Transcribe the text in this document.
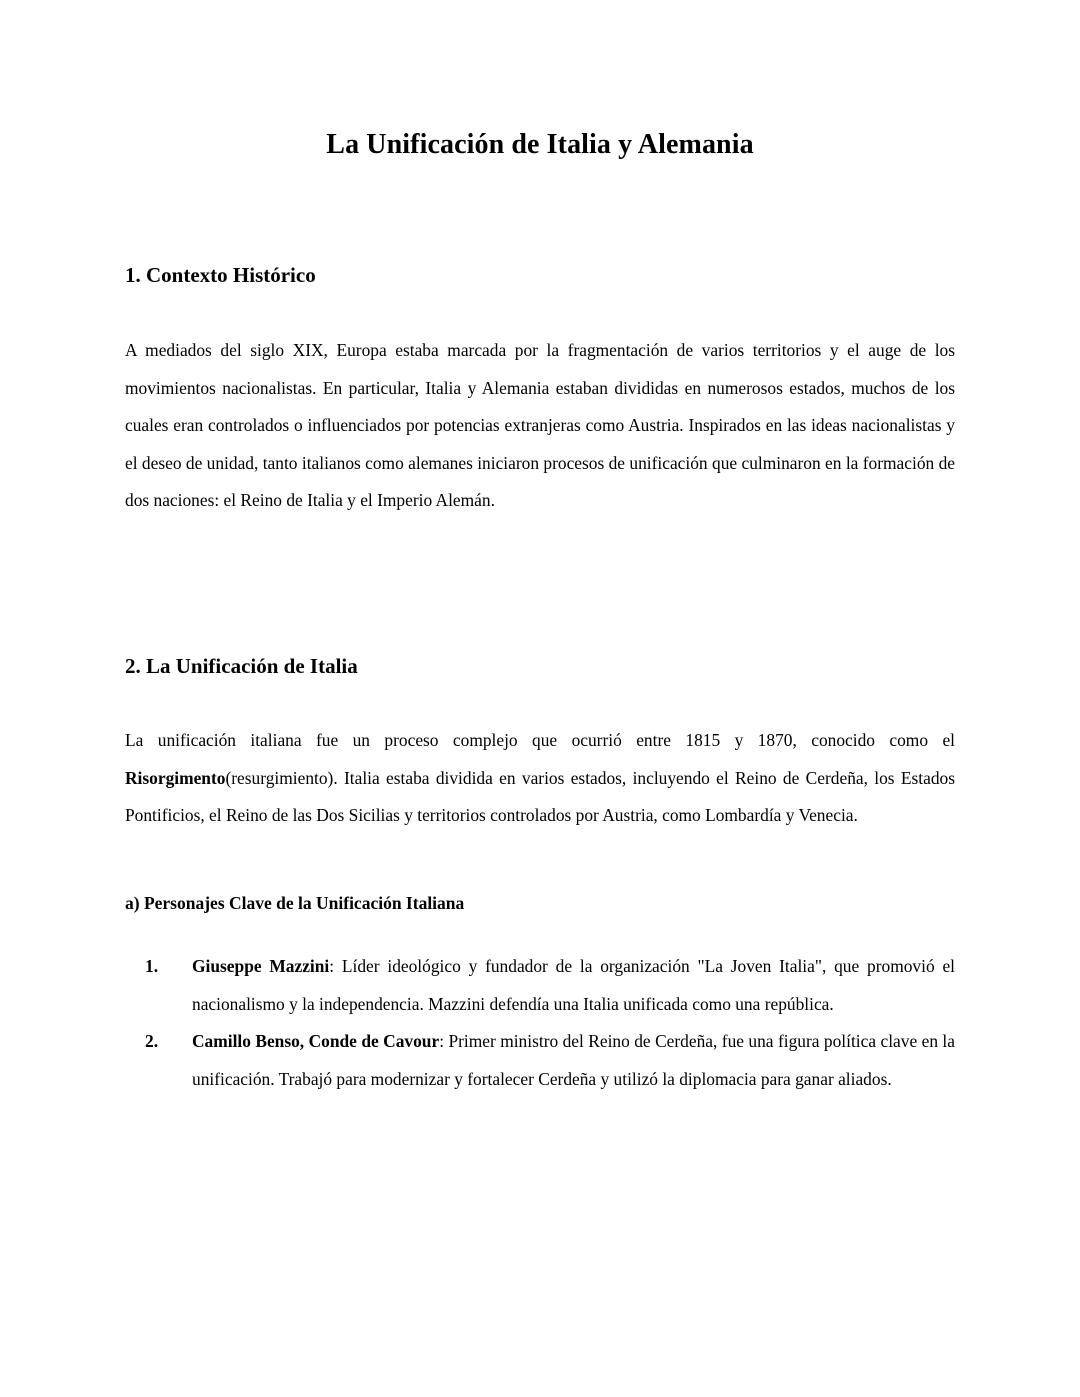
La Unificación de Italia y Alemania
1. Contexto Histórico

A mediados del siglo XIX, Europa estaba marcada por la fragmentación de varios territorios y el auge de los movimientos nacionalistas. En particular, Italia y Alemania estaban divididas en numerosos estados, muchos de los cuales eran controlados o influenciados por potencias extranjeras como Austria. Inspirados en las ideas nacionalistas y el deseo de unidad, tanto italianos como alemanes iniciaron procesos de unificación que culminaron en la formación de dos naciones: el Reino de Italia y el Imperio Alemán.

2. La Unificación de Italia

La unificación italiana fue un proceso complejo que ocurrió entre 1815 y 1870, conocido como el Risorgimento(resurgimiento). Italia estaba dividida en varios estados, incluyendo el Reino de Cerdeña, los Estados Pontificios, el Reino de las Dos Sicilias y territorios controlados por Austria, como Lombardía y Venecia.

a) Personajes Clave de la Unificación Italiana
1.	Giuseppe Mazzini: Líder ideológico y fundador de la organización "La Joven Italia", que promovió el nacionalismo y la independencia. Mazzini defendía una Italia unificada como una república.
2.	Camillo Benso, Conde de Cavour: Primer ministro del Reino de Cerdeña, fue una figura política clave en la unificación. Trabajó para modernizar y fortalecer Cerdeña y utilizó la diplomacia para ganar aliados.
